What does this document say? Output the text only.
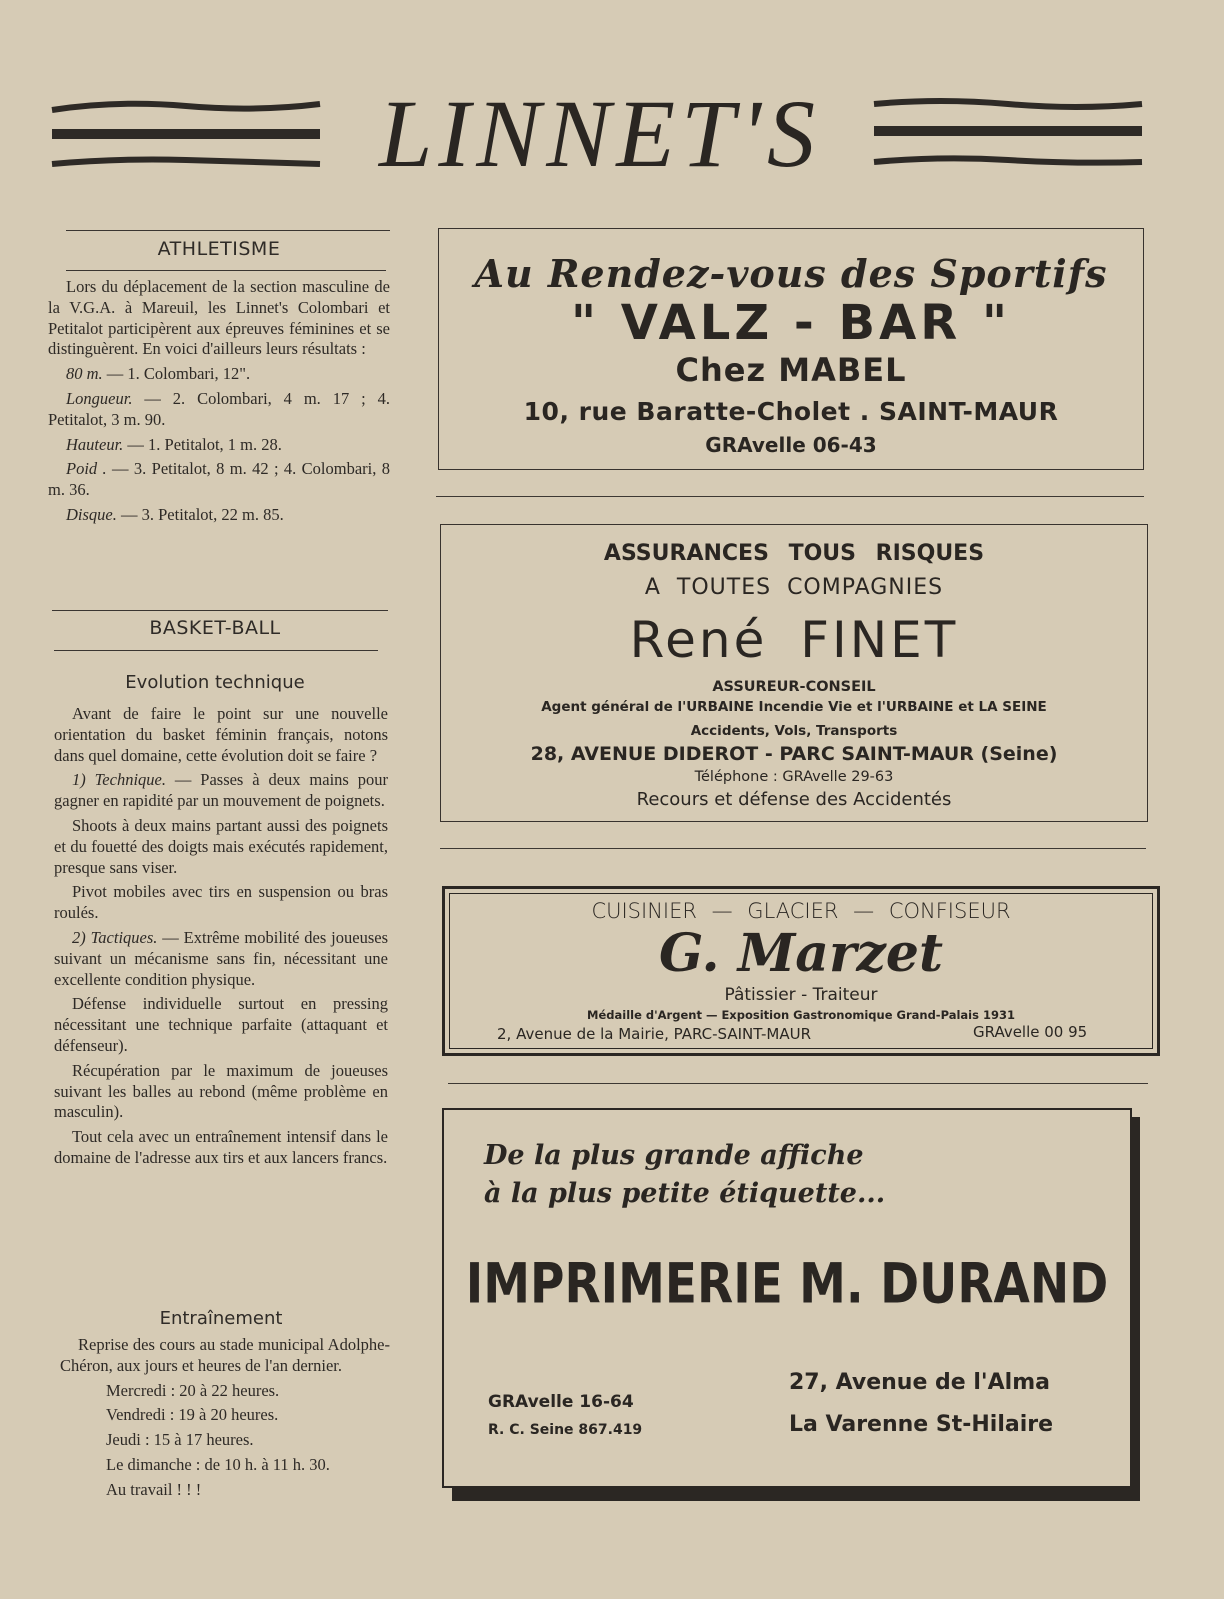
LINNET'S
ATHLETISME

Lors du déplacement de la section masculine de la V.G.A. à Mareuil, les Linnet's Colombari et Petitalot participèrent aux épreuves féminines et se distinguèrent. En voici d'ailleurs leurs résultats :

80 m. — 1. Colombari, 12".

Longueur. — 2. Colombari, 4 m. 17 ; 4. Petitalot, 3 m. 90.

Hauteur. — 1. Petitalot, 1 m. 28.

Poid . — 3. Petitalot, 8 m. 42 ; 4. Colombari, 8 m. 36.

Disque. — 3. Petitalot, 22 m. 85.

BASKET-BALL
Evolution technique

Avant de faire le point sur une nouvelle orientation du basket féminin français, notons dans quel domaine, cette évolution doit se faire ?

1) Technique. — Passes à deux mains pour gagner en rapidité par un mouvement de poignets.

Shoots à deux mains partant aussi des poignets et du fouetté des doigts mais exécutés rapidement, presque sans viser.

Pivot mobiles avec tirs en suspension ou bras roulés.

2) Tactiques. — Extrême mobilité des joueuses suivant un mécanisme sans fin, nécessitant une excellente condition physique.

Défense individuelle surtout en pressing nécessitant une technique parfaite (attaquant et défenseur).

Récupération par le maximum de joueuses suivant les balles au rebond (même problème en masculin).

Tout cela avec un entraînement intensif dans le domaine de l'adresse aux tirs et aux lancers francs.

Entraînement

Reprise des cours au stade municipal Adolphe-Chéron, aux jours et heures de l'an dernier.

Mercredi : 20 à 22 heures.

Vendredi : 19 à 20 heures.

Jeudi : 15 à 17 heures.

Le dimanche : de 10 h. à 11 h. 30.

Au travail ! ! !

Au Rendez-vous des Sportifs
" VALZ - BAR "
Chez MABEL
10, rue Baratte-Cholet . SAINT-MAUR
GRAvelle 06-43
ASSURANCES TOUS RISQUES
A TOUTES COMPAGNIES
René FINET
ASSUREUR-CONSEIL
Agent général de l'URBAINE Incendie Vie et l'URBAINE et LA SEINE
Accidents, Vols, Transports
28, AVENUE DIDEROT - PARC SAINT-MAUR (Seine)
Téléphone : GRAvelle 29-63
Recours et défense des Accidentés
CUISINIER — GLACIER — CONFISEUR
G. Marzet
Pâtissier - Traiteur
Médaille d'Argent — Exposition Gastronomique Grand-Palais 1931
2, Avenue de la Mairie, PARC-SAINT-MAUR	GRAvelle 00 95
De la plus grande affiche
à la plus petite étiquette...
IMPRIMERIE M. DURAND
27, Avenue de l'Alma
La Varenne St-Hilaire
GRAvelle 16-64
R. C. Seine 867.419
